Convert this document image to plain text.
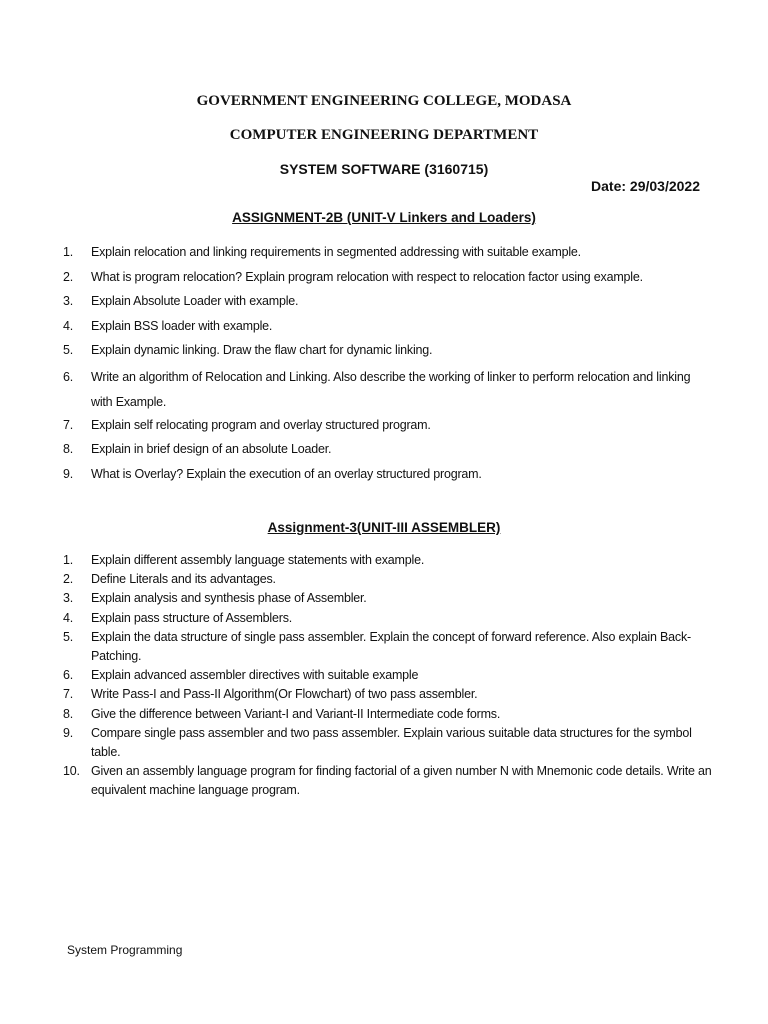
GOVERNMENT ENGINEERING COLLEGE, MODASA
COMPUTER ENGINEERING DEPARTMENT
SYSTEM SOFTWARE (3160715)
Date: 29/03/2022
ASSIGNMENT-2B (UNIT-V Linkers and Loaders)
1. Explain relocation and linking requirements in segmented addressing with suitable example.
2. What is program relocation? Explain program relocation with respect to relocation factor using example.
3. Explain Absolute Loader with example.
4. Explain BSS loader with example.
5. Explain dynamic linking. Draw the flaw chart for dynamic linking.
6. Write an algorithm of Relocation and Linking. Also describe the working of linker to perform relocation and linking with Example.
7. Explain self relocating program and overlay structured program.
8. Explain in brief design of an absolute Loader.
9. What is Overlay? Explain the execution of an overlay structured program.
Assignment-3(UNIT-III ASSEMBLER)
1. Explain different assembly language statements with example.
2. Define Literals and its advantages.
3. Explain analysis and synthesis phase of Assembler.
4. Explain pass structure of Assemblers.
5. Explain the data structure of single pass assembler. Explain the concept of forward reference. Also explain Back-Patching.
6. Explain advanced assembler directives with suitable example
7. Write Pass-I and Pass-II Algorithm(Or Flowchart) of two pass assembler.
8. Give the difference between Variant-I and Variant-II Intermediate code forms.
9. Compare single pass assembler and two pass assembler. Explain various suitable data structures for the symbol table.
10. Given an assembly language program for finding factorial of a given number N with Mnemonic code details. Write an equivalent machine language program.
System Programming
